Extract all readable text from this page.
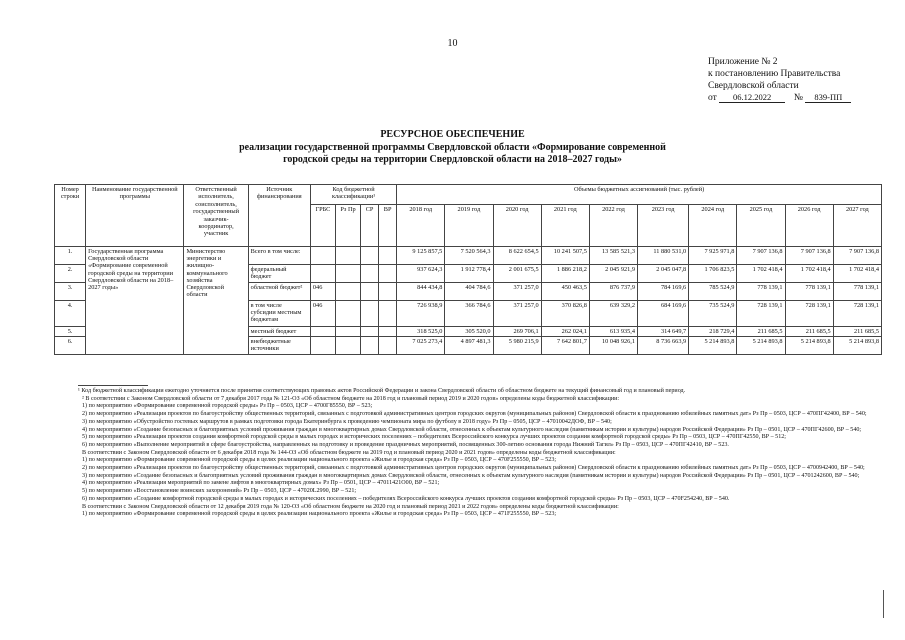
10
Приложение № 2
к постановлению Правительства
Свердловской области
от 06.12.2022 № 839-ПП
РЕСУРСНОЕ ОБЕСПЕЧЕНИЕ
реализации государственной программы Свердловской области «Формирование современной
городской среды на территории Свердловской области на 2018–2027 годы»
Номер строки	Наименование государственной программы	Ответственный исполнитель, соисполнитель, государственный заказчик-координатор, участник	Источник финансирования	Код бюджетной классификации¹				Объемы бюджетных ассигнований (тыс. рублей)									
				ГРБС	Рз Пр	СР	ВР	2018 год	2019 год	2020 год	2021 год	2022 год	2023 год	2024 год	2025 год	2026 год	2027 год
1.	Государственная программа Свердловской области «Формирование современной городской среды на территории Свердловской области на 2018–2027 годы»	Министерство энергетики и жилищно-коммунального хозяйства Свердловской области	Всего в том числе:					9 125 857,5	7 520 564,3	8 622 654,5	10 241 507,5	13 585 521,3	11 880 531,0	7 925 971,8	7 907 136,8	7 907 136,8	7 907 136,8
2.			федеральный бюджет					937 624,3	1 912 778,4	2 001 675,5	1 886 218,2	2 045 921,9	2 045 047,8	1 706 823,5	1 702 418,4	1 702 418,4	1 702 418,4
3.			областной бюджет²	046				844 434,8	404 784,6	371 257,0	450 463,5	876 737,9	784 169,6	785 524,9	778 139,1	778 139,1	778 139,1
4.			в том числе субсидии местным бюджетам	046				726 938,9	366 784,6	371 257,0	370 826,8	639 329,2	684 169,6	735 524,9	728 139,1	728 139,1	728 139,1
5.			местный бюджет					318 525,0	305 520,0	269 706,1	262 024,1	613 935,4	314 649,7	218 729,4	211 685,5	211 685,5	211 685,5
6.			внебюджетные источники					7 025 273,4	4 897 481,3	5 980 215,9	7 642 801,7	10 048 926,1	8 736 663,9	5 214 893,8	5 214 893,8	5 214 893,8	5 214 893,8
¹ Код бюджетной классификации ежегодно уточняется после принятия соответствующих правовых актов Российской Федерации и закона Свердловской области об областном бюджете на текущий финансовый год и плановый период.
² В соответствии с Законом Свердловской области от 7 декабря 2017 года № 121-ОЗ «Об областном бюджете на 2018 год и плановый период 2019 и 2020 годов» определены коды бюджетной классификации:
1) по мероприятию «Формирование современной городской среды» Рз Пр – 0503, ЦСР – 4700Г85550, ВР – 523;
2) по мероприятию «Реализация проектов по благоустройству общественных территорий, связанных с подготовкой административных центров городских округов (муниципальных районов) Свердловской области к празднованию юбилейных памятных дат» Рз Пр – 0503, ЦСР – 470ПГ42400, ВР – 540;
3) по мероприятию «Обустройство гостевых маршрутов в рамках подготовки города Екатеринбурга к проведению чемпионата мира по футболу в 2018 году» Рз Пр – 0505, ЦСР – 47010042ДОФ, ВР – 540;
4) по мероприятию «Создание безопасных и благоприятных условий проживания граждан в многоквартирных домах Свердловской области, отнесенных к объектам культурного наследия (памятникам истории и культуры) народов Российской Федерации» Рз Пр – 0501, ЦСР – 470ПГ42600, ВР – 540;
5) по мероприятию «Реализация проектов создания комфортной городской среды в малых городах и исторических поселениях – победителях Всероссийского конкурса лучших проектов создания комфортной городской среды» Рз Пр – 0503, ЦСР – 470ПГ42550, ВР – 512;
6) по мероприятию «Выполнение мероприятий в сфере благоустройства, направленных на подготовку и проведение праздничных мероприятий, посвященных 300-летию основания города Нижний Тагил» Рз Пр – 0503, ЦСР – 470ПГ42410, ВР – 523.
В соответствии с Законом Свердловской области от 6 декабря 2018 года № 144-ОЗ «Об областном бюджете на 2019 год и плановый период 2020 и 2021 годов» определены коды бюджетной классификации:
1) по мероприятию «Формирование современной городской среды в целях реализации национального проекта «Жилье и городская среда» Рз Пр – 0503, ЦСР – 470F255550, ВР – 523;
2) по мероприятию «Реализация проектов по благоустройству общественных территорий, связанных с подготовкой административных центров городских округов (муниципальных районов) Свердловской области к празднованию юбилейных памятных дат» Рз Пр – 0503, ЦСР – 4700942400, ВР – 540;
3) по мероприятию «Создание безопасных и благоприятных условий проживания граждан в многоквартирных домах Свердловской области, отнесенных к объектам культурного наследия (памятникам истории и культуры) народов Российской Федерации» Рз Пр – 0501, ЦСР – 4701242600, ВР – 540;
4) по мероприятию «Реализация мероприятий по замене лифтов в многоквартирных домах» Рз Пр – 0501, ЦСР – 47011421О00, ВР – 521;
5) по мероприятию «Восстановление воинских захоронений» Рз Пр – 0503, ЦСР – 47020L2990, ВР – 521;
6) по мероприятию «Создание комфортной городской среды в малых городах и исторических поселениях – победителях Всероссийского конкурса лучших проектов создания комфортной городской среды» Рз Пр – 0503, ЦСР – 470F254240, ВР – 540.
В соответствии с Законом Свердловской области от 12 декабря 2019 года № 120-ОЗ «Об областном бюджете на 2020 год и плановый период 2021 и 2022 годов» определены коды бюджетной классификации:
1) по мероприятию «Формирование современной городской среды в целях реализации национального проекта «Жилье и городская среда» Рз Пр – 0503, ЦСР – 471F255550, ВР – 523;
